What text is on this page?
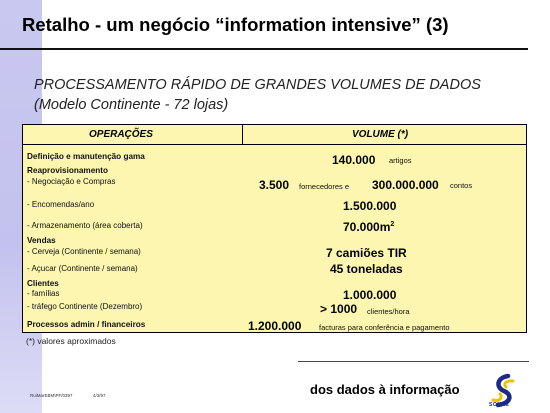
Retalho - um negócio “information intensive” (3)
PROCESSAMENTO RÁPIDO DE GRANDES VOLUMES DE DADOS
(Modelo Continente - 72 lojas)
OPERAÇÕES	VOLUME (*)
Definição e manutenção gama	140.000 artigos
Reaprovisionamento
- Negociação e Compras	3.500 fornecedores e 300.000.000 contos
- Encomendas/ano	1.500.000
- Armazenamento (área coberta)	$70.000m^2$
Vendas
- Cerveja (Continente / semana)	7 camiões TIR
- Açucar (Continente / semana)	45 toneladas
Clientes
- famílias	1.000.000
- tráfego Continente (Dezembro)	> 1000 clientes/hora
Processos admin / financeiros	1.200.000 facturas para conferência e pagamento
(*) valores aproximados
dos dados à informação
RuiMarEBM\PF/0397	4/3/97
SONAE
